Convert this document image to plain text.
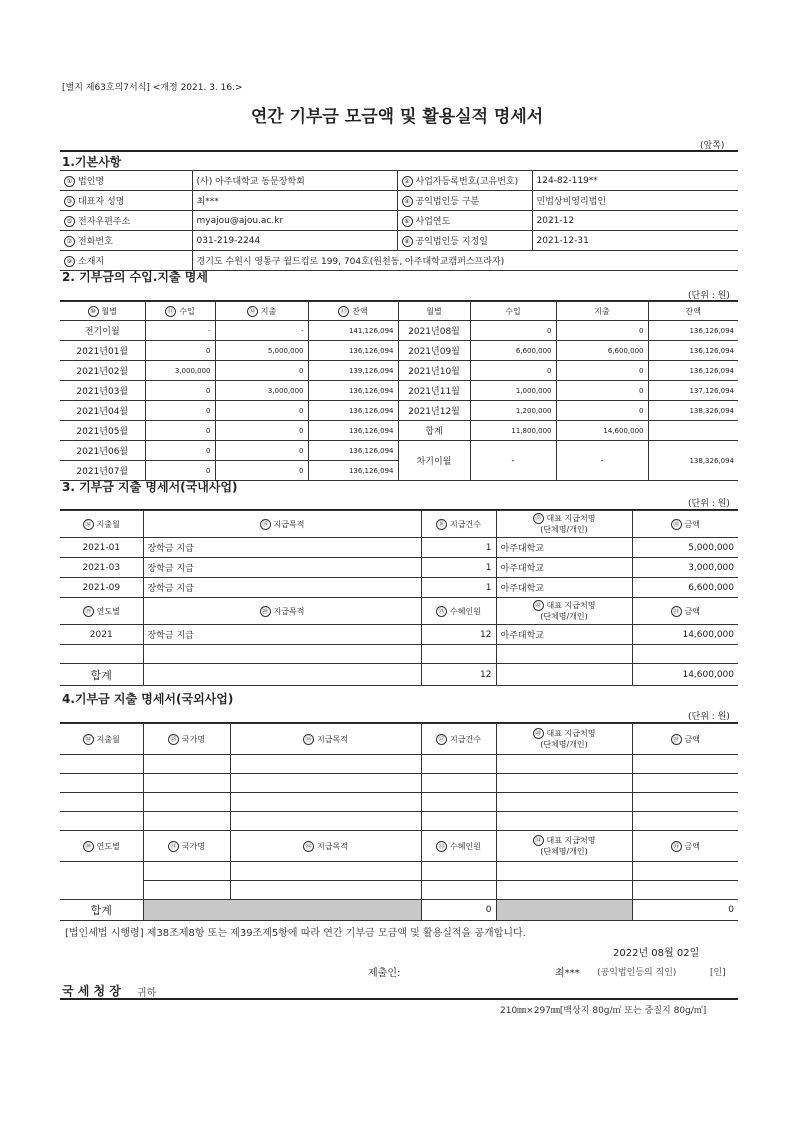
[별지 제63호의7서식] <개정 2021. 3. 16.>
연간 기부금 모금액 및 활용실적 명세서
(앞쪽)
1.기본사항
① 법인명	(사) 아주대학교 동문장학회	② 사업자등록번호(고유번호)	124-82-119**
③ 대표자 성명	최***	④ 공익법인등 구분	민법상비영리법인
⑤ 전자우편주소	myajou@ajou.ac.kr	⑥ 사업연도	2021-12
⑦ 전화번호	031-219-2244	⑧ 공익법인등 지정일	2021-12-31
⑨ 소재지	경기도 수원시 영통구 월드컵로 199, 704호(원천동, 아주대학교캠퍼스프라자)		
2. 기부금의 수입.지출 명세
(단위 : 원)
⑩ 월별	⑪ 수입	⑫ 지출	⑬ 잔액	월별	수입	지출	잔액
전기이월	-	-	141,126,094	2021년08월	0	0	136,126,094
2021년01월	0	5,000,000	136,126,094	2021년09월	6,600,000	6,600,000	136,126,094
2021년02월	3,000,000	0	139,126,094	2021년10월	0	0	136,126,094
2021년03월	0	3,000,000	136,126,094	2021년11월	1,000,000	0	137,126,094
2021년04월	0	0	136,126,094	2021년12월	1,200,000	0	138,326,094
2021년05월	0	0	136,126,094	합계	11,800,000	14,600,000	
2021년06월	0	0	136,126,094	차기이월	-	-	138,326,094
2021년07월	0	0	136,126,094				
3. 기부금 지출 명세서(국내사업)
(단위 : 원)
⑭ 지출월	⑮ 지급목적	⑯ 지급건수	⑰ 대표 지급처명
(단체명/개인)	⑱ 금액
2021-01	장학금 지급	1	아주대학교	5,000,000
2021-03	장학금 지급	1	아주대학교	3,000,000
2021-09	장학금 지급	1	아주대학교	6,600,000
⑲ 연도별	⑳ 지급목적	㉑ 수혜인원	㉒ 대표 지급처명
(단체명/개인)	㉓ 금액
2021	장학금 지급	12	아주대학교	14,600,000

합계		12		14,600,000
4.기부금 지출 명세서(국외사업)
(단위 : 원)
㉔ 지출월	㉕ 국가명	㉖ 지급목적	㉗ 지급건수	㉘ 대표 지급처명
(단체명/개인)	㉙ 금액

㉚ 연도별	㉛ 국가명	㉜ 지급목적	㉝ 수혜인원	㉞ 대표 지급처명
(단체명/개인)	㉟ 금액

합계			0		0
[법인세법 시행령] 제38조제8항 또는 제39조제5항에 따라 연간 기부금 모금액 및 활용실적을 공개합니다.
2022년 08월 02일
제출인:	최*** (공익법인등의 직인)	[인]
국 세 청 장 귀하
210㎜×297㎜[백상지 80g/㎡ 또는 중질지 80g/㎡]
